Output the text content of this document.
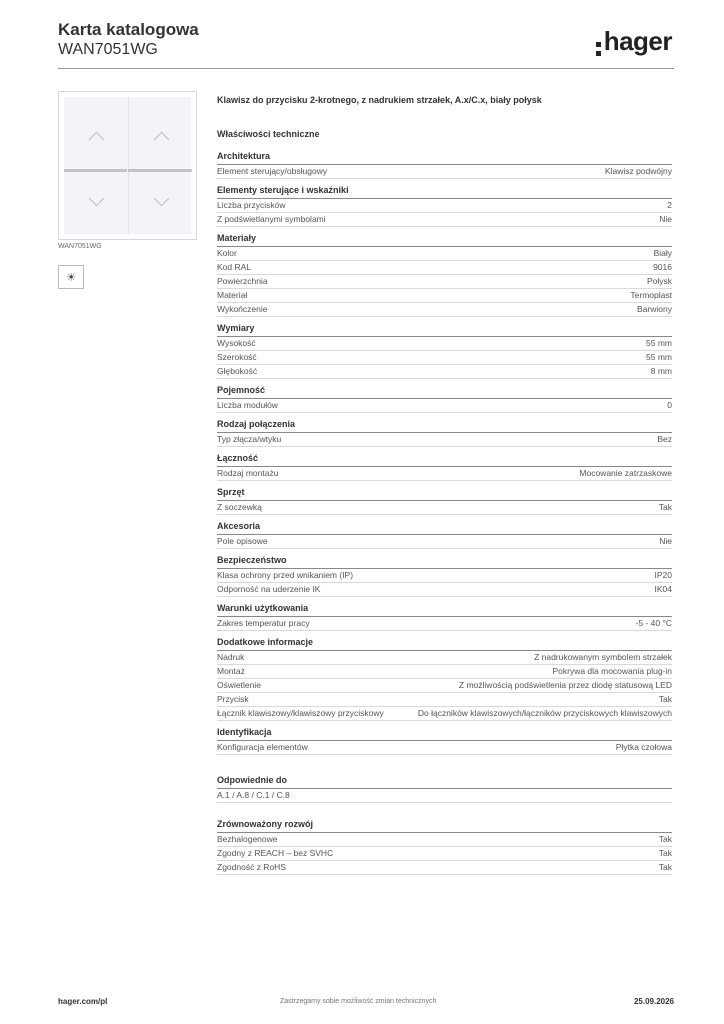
Karta katalogowa
WAN7051WG	hager
WAN7051WG
☀
Klawisz do przycisku 2-krotnego, z nadrukiem strzałek, A.x/C.x, biały połysk
Właściwości techniczne
Architektura
Element sterujący/obsługowy	Klawisz podwójny
Elementy sterujące i wskaźniki
Liczba przycisków	2
Z podświetlanymi symbolami	Nie
Materiały
Kolor	Biały
Kod RAL	9016
Powierzchnia	Połysk
Materiał	Termoplast
Wykończenie	Barwiony
Wymiary
Wysokość	55 mm
Szerokość	55 mm
Głębokość	8 mm
Pojemność
Liczba modułów	0
Rodzaj połączenia
Typ złącza/wtyku	Bez
Łączność
Rodzaj montażu	Mocowanie zatrzaskowe
Sprzęt
Z soczewką	Tak
Akcesoria
Pole opisowe	Nie
Bezpieczeństwo
Klasa ochrony przed wnikaniem (IP)	IP20
Odporność na uderzenie IK	IK04
Warunki użytkowania
Zakres temperatur pracy	-5 - 40 °C
Dodatkowe informacje
Nadruk	Z nadrukowanym symbolem strzałek
Montaż	Pokrywa dla mocowania plug-in
Oświetlenie	Z możliwością podświetlenia przez diodę statusową LED
Przycisk	Tak
Łącznik klawiszowy/klawiszowy przyciskowy	Do łączników klawiszowych/łączników przyciskowych klawiszowych
Identyfikacja
Konfiguracja elementów	Płytka czołowa
Odpowiednie do
A.1 / A.8 / C.1 / C.8
Zrównoważony rozwój
Bezhalogenowe	Tak
Zgodny z REACH – bez SVHC	Tak
Zgodność z RoHS	Tak
hager.com/pl	Zastrzegamy sobie możliwość zmian technicznych	25.09.2026
